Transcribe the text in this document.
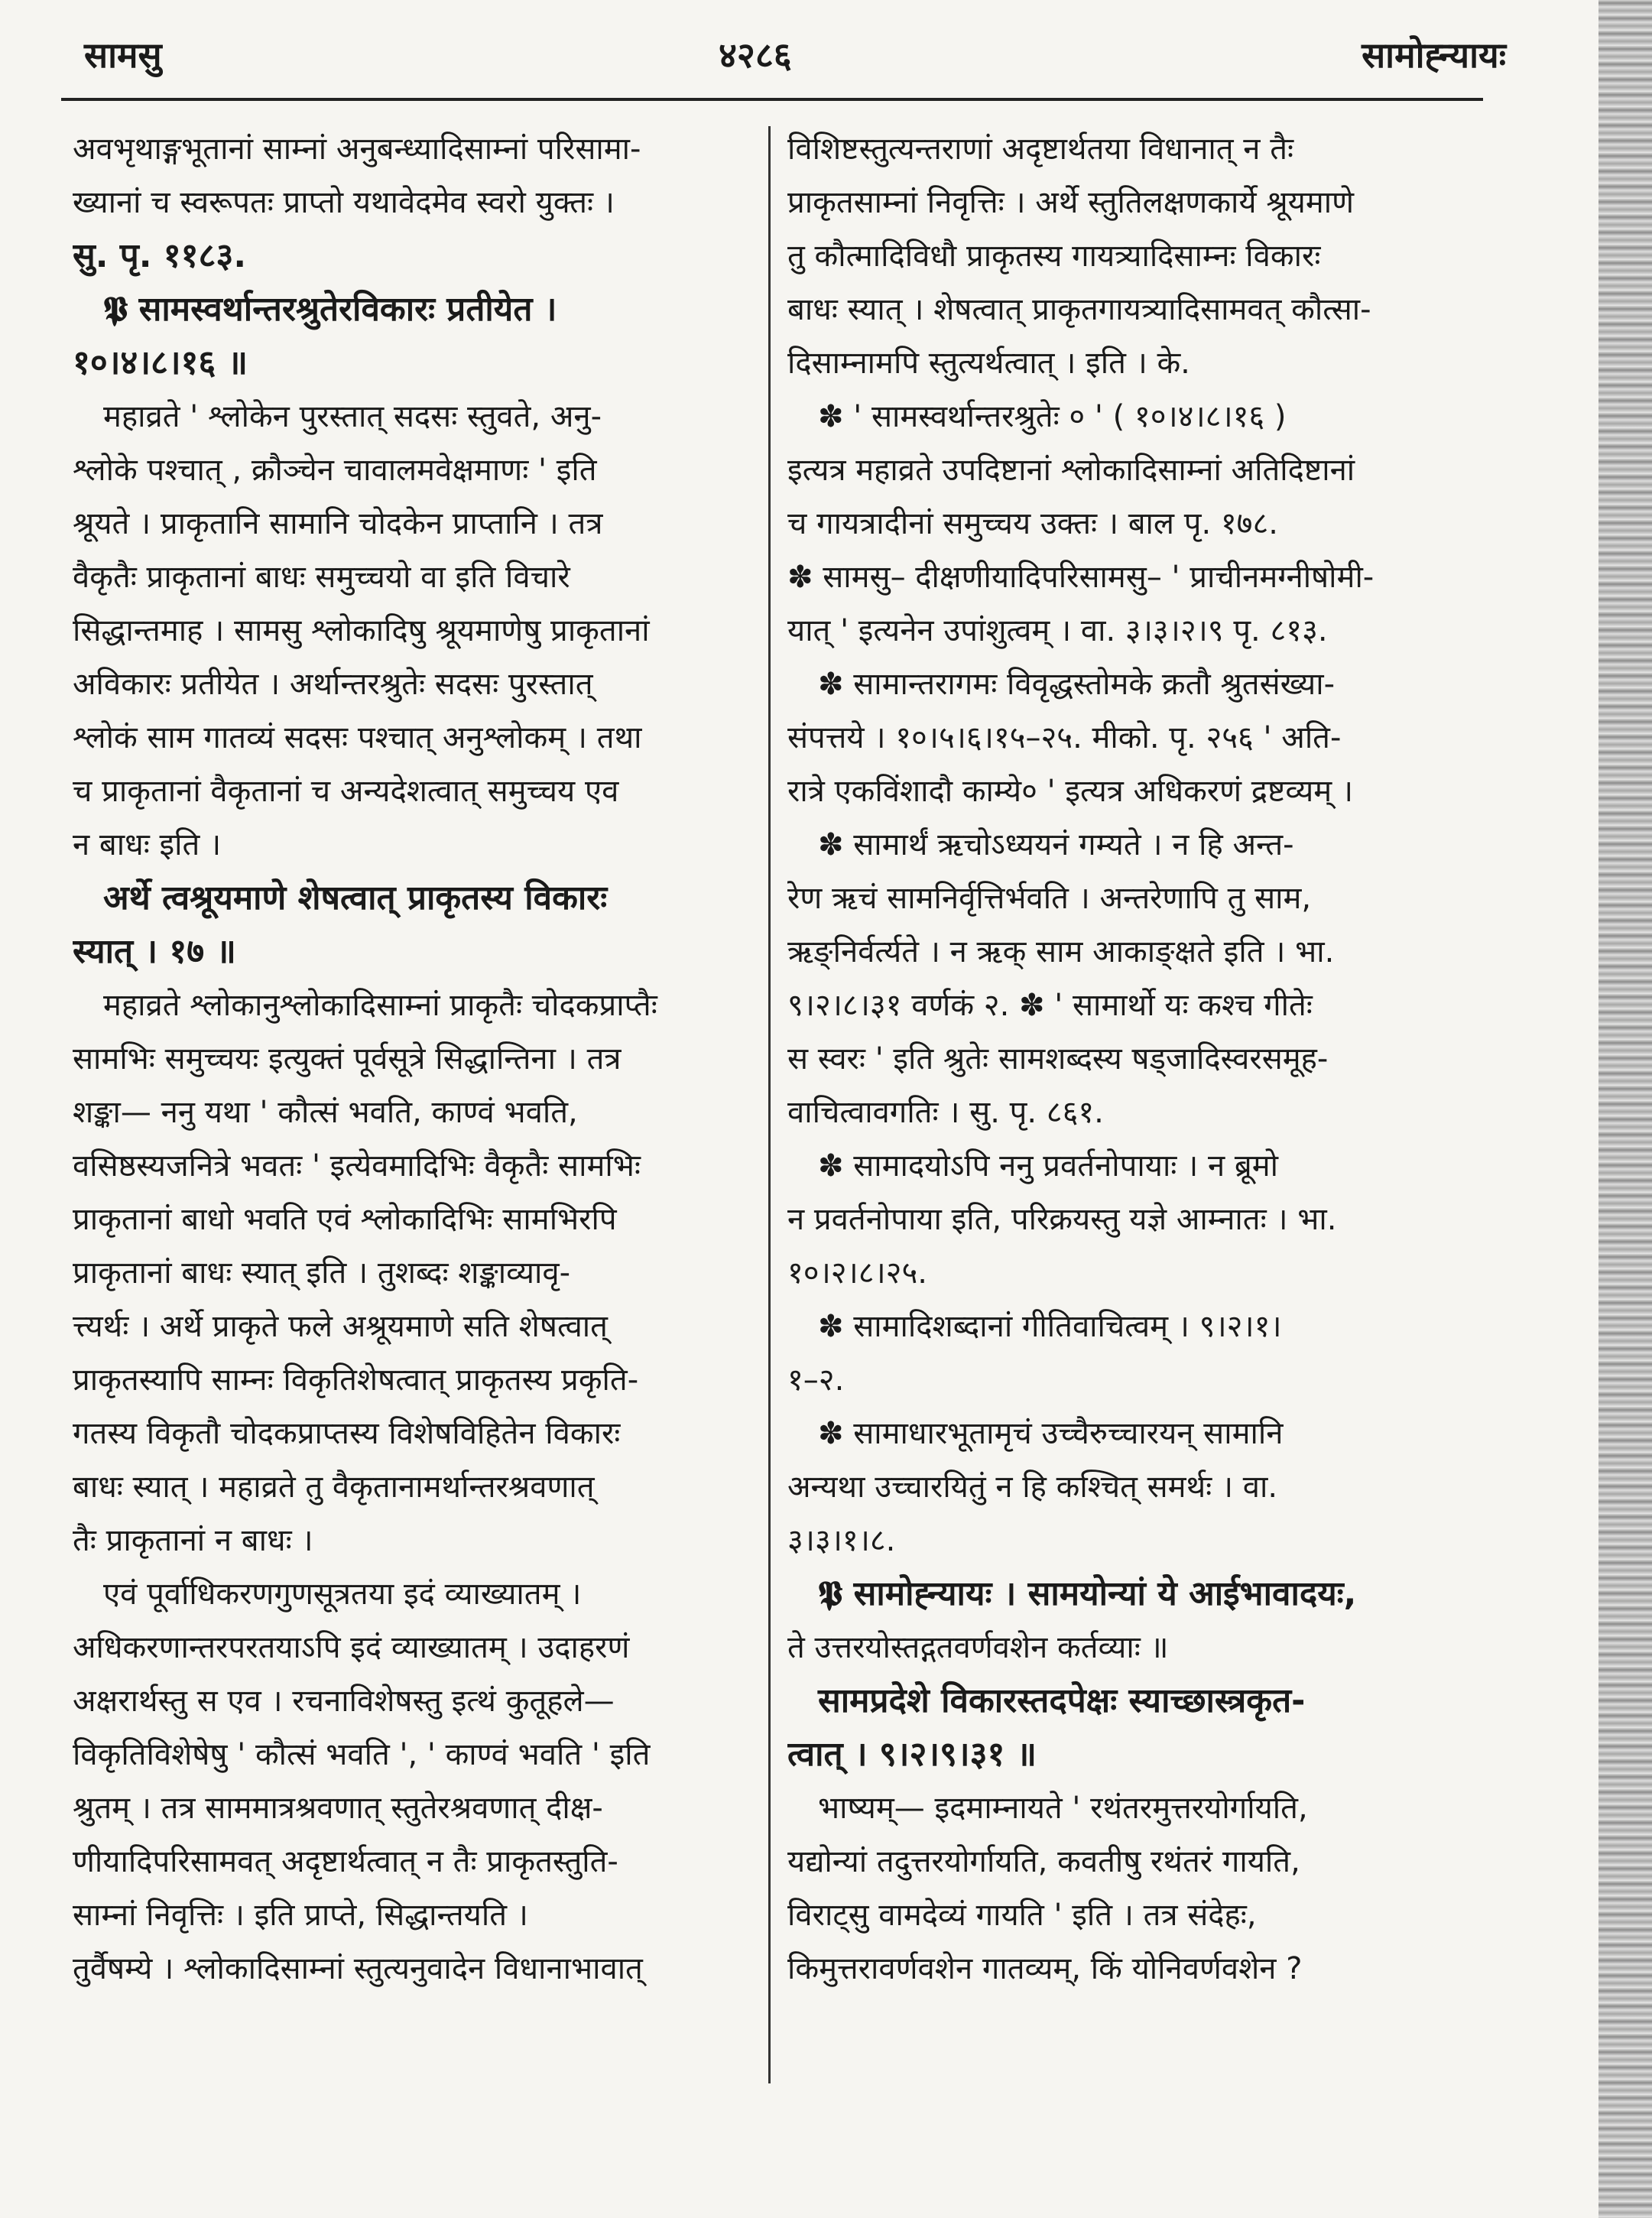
सामसु	४२८६	सामोह्न्यायः
अवभृथाङ्गभूतानां साम्नां अनुबन्ध्यादिसाम्नां परिसामा-
ख्यानां च स्वरूपतः प्राप्तो यथावेदमेव स्वरो युक्तः ।
सु. पृ. ११८३.
𝕻 सामस्वर्थान्तरश्रुतेरविकारः प्रतीयेत ।
१०।४।८।१६ ॥
महाव्रते ' श्लोकेन पुरस्तात् सदसः स्तुवते, अनु-
श्लोके पश्चात् , क्रौञ्चेन चावालमवेक्षमाणः ' इति
श्रूयते । प्राकृतानि सामानि चोदकेन प्राप्तानि । तत्र
वैकृतैः प्राकृतानां बाधः समुच्चयो वा इति विचारे
सिद्धान्तमाह । सामसु श्लोकादिषु श्रूयमाणेषु प्राकृतानां
अविकारः प्रतीयेत । अर्थान्तरश्रुतेः सदसः पुरस्तात्
श्लोकं साम गातव्यं सदसः पश्चात् अनुश्लोकम् । तथा
च प्राकृतानां वैकृतानां च अन्यदेशत्वात् समुच्चय एव
न बाधः इति ।
अर्थे त्वश्रूयमाणे शेषत्वात् प्राकृतस्य विकारः
स्यात् । १७ ॥
महाव्रते श्लोकानुश्लोकादिसाम्नां प्राकृतैः चोदकप्राप्तैः
सामभिः समुच्चयः इत्युक्तं पूर्वसूत्रे सिद्धान्तिना । तत्र
शङ्का— ननु यथा ' कौत्सं भवति, काण्वं भवति,
वसिष्ठस्यजनित्रे भवतः ' इत्येवमादिभिः वैकृतैः सामभिः
प्राकृतानां बाधो भवति एवं श्लोकादिभिः सामभिरपि
प्राकृतानां बाधः स्यात् इति । तुशब्दः शङ्काव्यावृ-
त्त्यर्थः । अर्थे प्राकृते फले अश्रूयमाणे सति शेषत्वात्
प्राकृतस्यापि साम्नः विकृतिशेषत्वात् प्राकृतस्य प्रकृति-
गतस्य विकृतौ चोदकप्राप्तस्य विशेषविहितेन विकारः
बाधः स्यात् । महाव्रते तु वैकृतानामर्थान्तरश्रवणात्
तैः प्राकृतानां न बाधः ।
एवं पूर्वाधिकरणगुणसूत्रतया इदं व्याख्यातम् ।
अधिकरणान्तरपरतयाऽपि इदं व्याख्यातम् । उदाहरणं
अक्षरार्थस्तु स एव । रचनाविशेषस्तु इत्थं कुतूहले—
विकृतिविशेषेषु ' कौत्सं भवति ', ' काण्वं भवति ' इति
श्रुतम् । तत्र साममात्रश्रवणात् स्तुतेरश्रवणात् दीक्ष-
णीयादिपरिसामवत् अदृष्टार्थत्वात् न तैः प्राकृतस्तुति-
साम्नां निवृत्तिः । इति प्राप्ते, सिद्धान्तयति ।
तुर्वैषम्ये । श्लोकादिसाम्नां स्तुत्यनुवादेन विधानाभावात्
विशिष्टस्तुत्यन्तराणां अदृष्टार्थतया विधानात् न तैः
प्राकृतसाम्नां निवृत्तिः । अर्थे स्तुतिलक्षणकार्ये श्रूयमाणे
तु कौत्मादिविधौ प्राकृतस्य गायत्र्यादिसाम्नः विकारः
बाधः स्यात् । शेषत्वात् प्राकृतगायत्र्यादिसामवत् कौत्सा-
दिसाम्नामपि स्तुत्यर्थत्वात् । इति । के.
✽ ' सामस्वर्थान्तरश्रुतेः ० ' ( १०।४।८।१६ )
इत्यत्र महाव्रते उपदिष्टानां श्लोकादिसाम्नां अतिदिष्टानां
च गायत्रादीनां समुच्चय उक्तः । बाल पृ. १७८.
✽ सामसु– दीक्षणीयादिपरिसामसु– ' प्राचीनमग्नीषोमी-
यात् ' इत्यनेन उपांशुत्वम् । वा. ३।३।२।९ पृ. ८१३.
✽ सामान्तरागमः विवृद्धस्तोमके क्रतौ श्रुतसंख्या-
संपत्तये । १०।५।६।१५–२५. मीको. पृ. २५६ ' अति-
रात्रे एकविंशादौ काम्ये० ' इत्यत्र अधिकरणं द्रष्टव्यम् ।
✽ सामार्थं ऋचोऽध्ययनं गम्यते । न हि अन्त-
रेण ऋचं सामनिर्वृत्तिर्भवति । अन्तरेणापि तु साम,
ऋङ्निर्वर्त्यते । न ऋक् साम आकाङ्क्षते इति । भा.
९।२।८।३१ वर्णकं २. ✽ ' सामार्थो यः कश्च गीतेः
स स्वरः ' इति श्रुतेः सामशब्दस्य षड्जादिस्वरसमूह-
वाचित्वावगतिः । सु. पृ. ८६१.
✽ सामादयोऽपि ननु प्रवर्तनोपायाः । न ब्रूमो
न प्रवर्तनोपाया इति, परिक्रयस्तु यज्ञे आम्नातः । भा.
१०।२।८।२५.
✽ सामादिशब्दानां गीतिवाचित्वम् । ९।२।१।
१–२.
✽ सामाधारभूतामृचं उच्चैरुच्चारयन् सामानि
अन्यथा उच्चारयितुं न हि कश्चित् समर्थः । वा.
३।३।१।८.
𝕻 सामोह्न्यायः । सामयोन्यां ये आईभावादयः,
ते उत्तरयोस्तद्गतवर्णवशेन कर्तव्याः ॥
सामप्रदेशे विकारस्तदपेक्षः स्याच्छास्त्रकृत-
त्वात् । ९।२।९।३१ ॥
भाष्यम्— इदमाम्नायते ' रथंतरमुत्तरयोर्गायति,
यद्योन्यां तदुत्तरयोर्गायति, कवतीषु रथंतरं गायति,
विराट्सु वामदेव्यं गायति ' इति । तत्र संदेहः,
किमुत्तरावर्णवशेन गातव्यम्, किं योनिवर्णवशेन ?
